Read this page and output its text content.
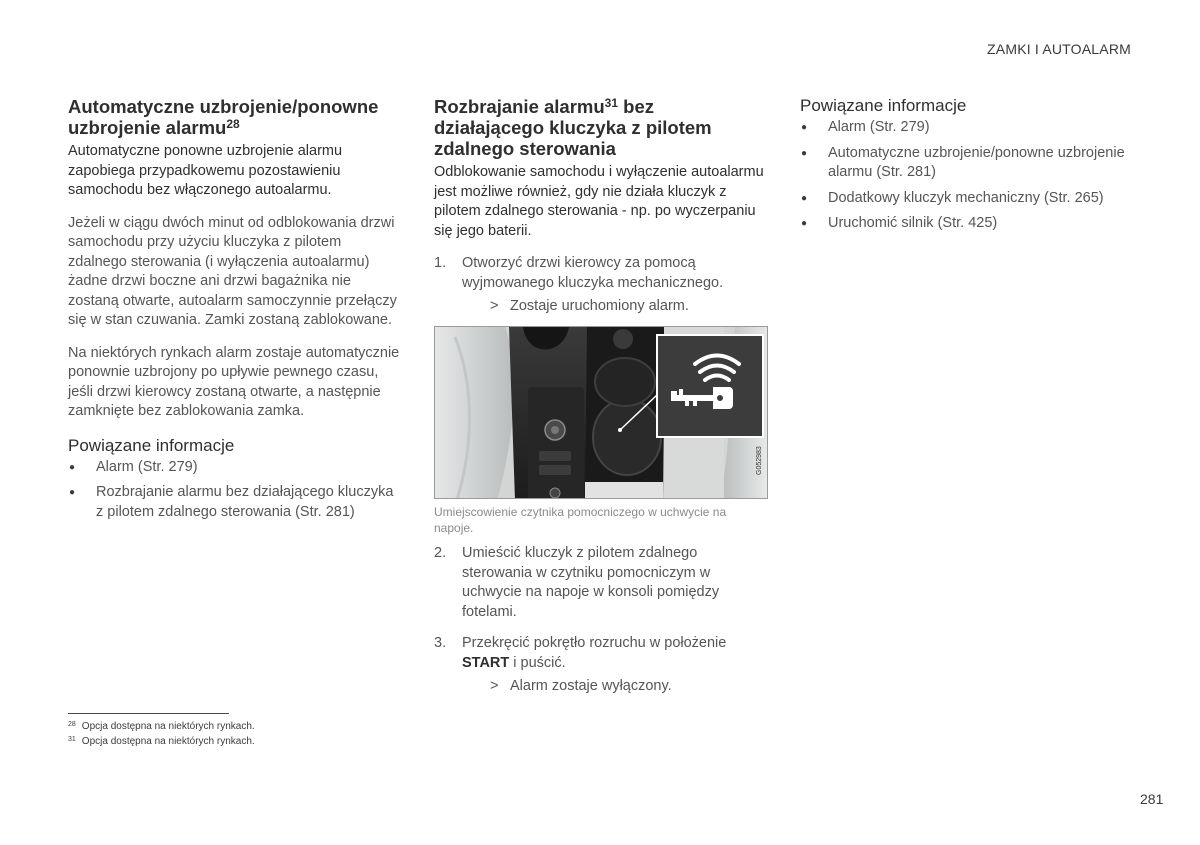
ZAMKI I AUTOALARM
Automatyczne uzbrojenie/ponowne uzbrojenie alarmu$^{28}$

Automatyczne ponowne uzbrojenie alarmu zapobiega przypadkowemu pozostawieniu samochodu bez włączonego autoalarmu.

Jeżeli w ciągu dwóch minut od odblokowania drzwi samochodu przy użyciu kluczyka z pilotem zdalnego sterowania (i wyłączenia autoalarmu) żadne drzwi boczne ani drzwi bagażnika nie zostaną otwarte, autoalarm samoczynnie przełączy się w stan czuwania. Zamki zostaną zablokowane.

Na niektórych rynkach alarm zostaje automatycznie ponownie uzbrojony po upływie pewnego czasu, jeśli drzwi kierowcy zostaną otwarte, a następnie zamknięte bez zablokowania zamka.

Powiązane informacje
● Alarm (Str. 279)
● Rozbrajanie alarmu bez działającego kluczyka z pilotem zdalnego sterowania (Str. 281)
Rozbrajanie alarmu$^{31}$ bez działającego kluczyka z pilotem zdalnego sterowania

Odblokowanie samochodu i wyłączenie autoalarmu jest możliwe również, gdy nie działa kluczyk z pilotem zdalnego sterowania - np. po wyczerpaniu się jego baterii.

1. Otworzyć drzwi kierowcy za pomocą wyjmowanego kluczyka mechanicznego.
> Zostaje uruchomiony alarm.
G052983
Umiejscowienie czytnika pomocniczego w uchwycie na napoje.
2. Umieścić kluczyk z pilotem zdalnego sterowania w czytniku pomocniczym w uchwycie na napoje w konsoli pomiędzy fotelami.
3. Przekręcić pokrętło rozruchu w położenie START i puścić.
> Alarm zostaje wyłączony.
Powiązane informacje
● Alarm (Str. 279)
● Automatyczne uzbrojenie/ponowne uzbrojenie alarmu (Str. 281)
● Dodatkowy kluczyk mechaniczny (Str. 265)
● Uruchomić silnik (Str. 425)
$^{28}$ Opcja dostępna na niektórych rynkach.
$^{31}$ Opcja dostępna na niektórych rynkach.
281
